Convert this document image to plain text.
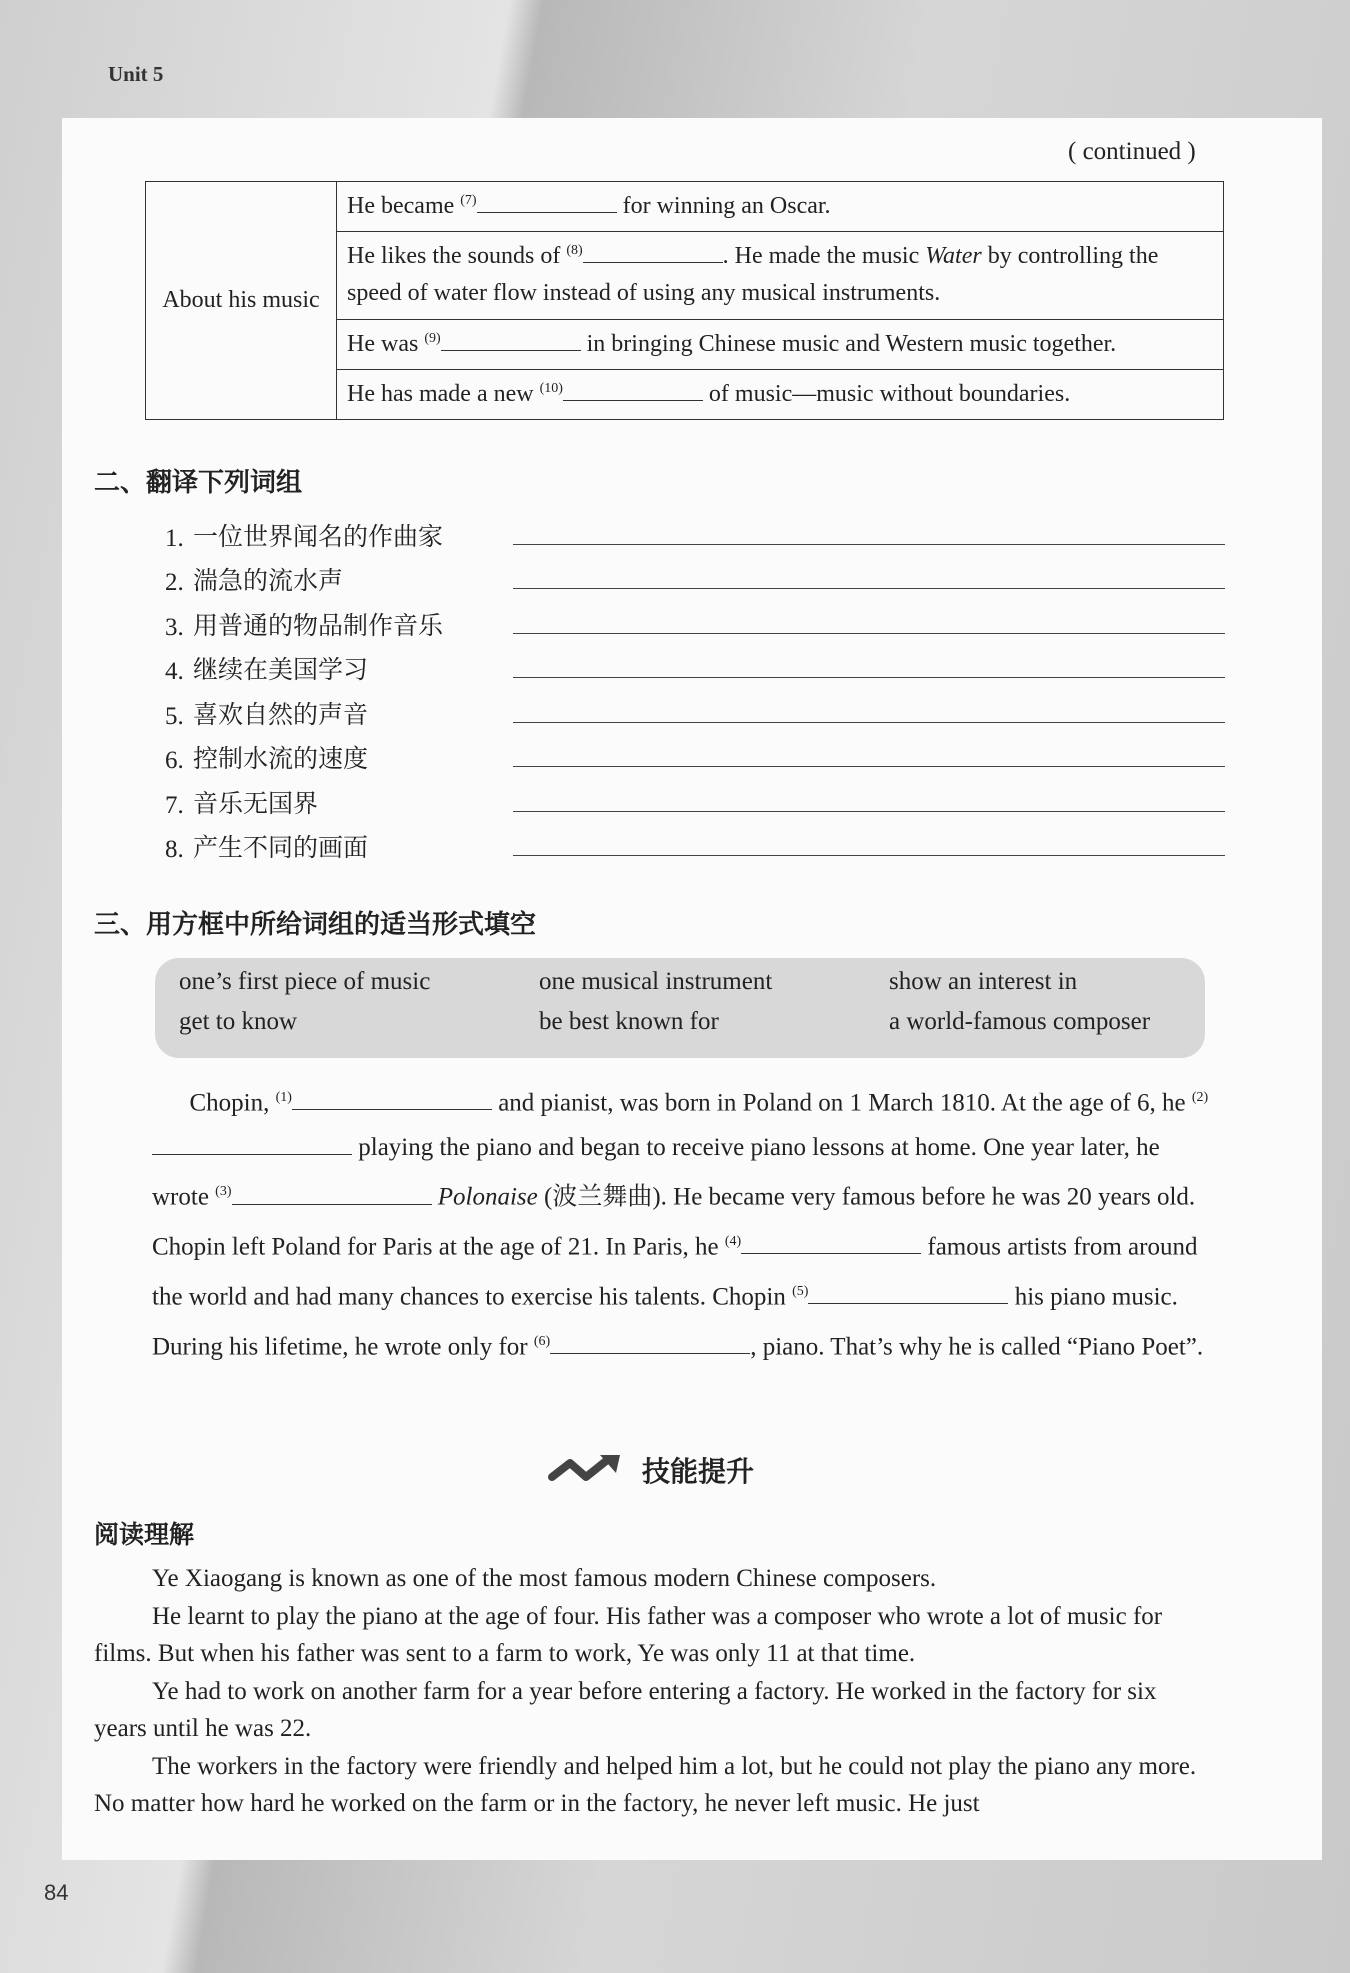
Unit 5
( continued )
About his music	He became $^{(7)}$	for winning an Oscar.
He likes the sounds of $^{(8)}$	. He made the music Water by controlling the speed of water flow instead of using any musical instruments.
He was $^{(9)}$	in bringing Chinese music and Western music together.
He has made a new $^{(10)}$	of music—music without boundaries.
二、翻译下列词组
1. 一位世界闻名的作曲家
2. 湍急的流水声
3. 用普通的物品制作音乐
4. 继续在美国学习
5. 喜欢自然的声音
6. 控制水流的速度
7. 音乐无国界
8. 产生不同的画面
三、用方框中所给词组的适当形式填空
one’s first piece of music	one musical instrument	show an interest in
get to know	be best known for	a world-famous composer

Chopin, $^{(1)}$	and pianist, was born in Poland on 1 March 1810. At the age of 6, he $^{(2)}$ playing the piano and began to receive piano lessons at home. One year later, he wrote $^{(3)}$	Polonaise (波兰舞曲). He became very famous before he was 20 years old. Chopin left Poland for Paris at the age of 21. In Paris, he $^{(4)}$	famous artists from around the world and had many chances to exercise his talents. Chopin $^{(5)}$	his piano music. During his lifetime, he wrote only for $^{(6)}$	, piano. That’s why he is called “Piano Poet”.

技能提升
阅读理解

Ye Xiaogang is known as one of the most famous modern Chinese composers.

He learnt to play the piano at the age of four. His father was a composer who wrote a lot of music for films. But when his father was sent to a farm to work, Ye was only 11 at that time.

Ye had to work on another farm for a year before entering a factory. He worked in the factory for six years until he was 22.

The workers in the factory were friendly and helped him a lot, but he could not play the piano any more. No matter how hard he worked on the farm or in the factory, he never left music. He just

84
